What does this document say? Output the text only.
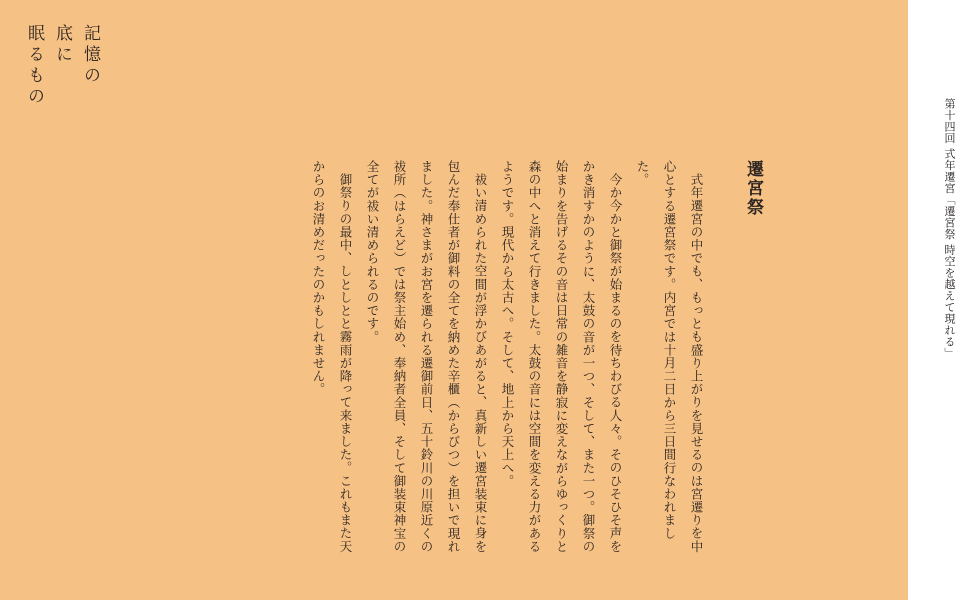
記憶の
底に
眠るもの
遷宮祭

式年遷宮の中でも、もっとも盛り上がりを見せるのは宮遷りを中心とする遷宮祭です。内宮では十月二日から三日間行なわれました。

今か今かと御祭が始まるのを待ちわびる人々。そのひそひそ声をかき消すかのように、太鼓の音が一つ、そして、また一つ。御祭の始まりを告げるその音は日常の雑音を静寂に変えながらゆっくりと森の中へと消えて行きました。太鼓の音には空間を変える力があるようです。現代から太古へ。そして、地上から天上へ。

祓い清められた空間が浮かびあがると、真新しい遷宮装束に身を包んだ奉仕者が御料の全てを納めた辛櫃（からびつ）を担いで現れました。神さまがお宮を遷られる遷御前日、五十鈴川の川原近くの祓所（はらえど）では祭主始め、奉納者全員、そして御装束神宝の全てが祓い清められるのです。

御祭りの最中、しとしとと霧雨が降って来ました。これもまた天からのお清めだったのかもしれません。	第十四回 式年遷宮「遷宮祭 時空を越えて現れる」
